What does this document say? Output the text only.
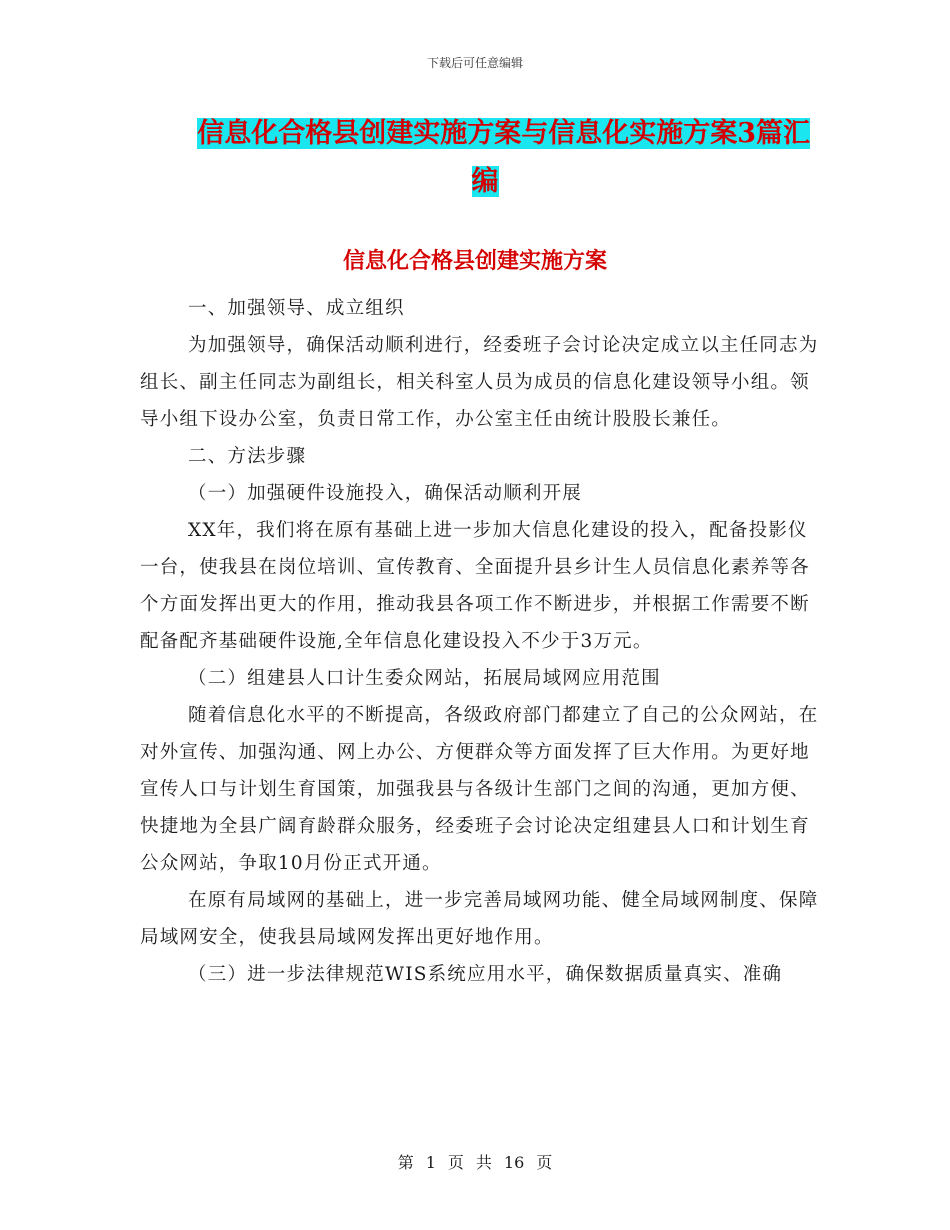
下载后可任意编辑
信息化合格县创建实施方案与信息化实施方案3篇汇
编
信息化合格县创建实施方案

一、加强领导、成立组织

为加强领导，确保活动顺利进行，经委班子会讨论决定成立以主任同志为组长、副主任同志为副组长，相关科室人员为成员的信息化建设领导小组。领导小组下设办公室，负责日常工作，办公室主任由统计股股长兼任。

二、方法步骤

（一）加强硬件设施投入，确保活动顺利开展

XX年，我们将在原有基础上进一步加大信息化建设的投入，配备投影仪一台，使我县在岗位培训、宣传教育、全面提升县乡计生人员信息化素养等各个方面发挥出更大的作用，推动我县各项工作不断进步，并根据工作需要不断配备配齐基础硬件设施,全年信息化建设投入不少于3万元。

（二）组建县人口计生委众网站，拓展局域网应用范围

随着信息化水平的不断提高，各级政府部门都建立了自己的公众网站，在对外宣传、加强沟通、网上办公、方便群众等方面发挥了巨大作用。为更好地宣传人口与计划生育国策，加强我县与各级计生部门之间的沟通，更加方便、快捷地为全县广阔育龄群众服务，经委班子会讨论决定组建县人口和计划生育公众网站，争取10月份正式开通。

在原有局域网的基础上，进一步完善局域网功能、健全局域网制度、保障局域网安全，使我县局域网发挥出更好地作用。

（三）进一步法律规范WIS系统应用水平，确保数据质量真实、准确

第 1 页 共 16 页
